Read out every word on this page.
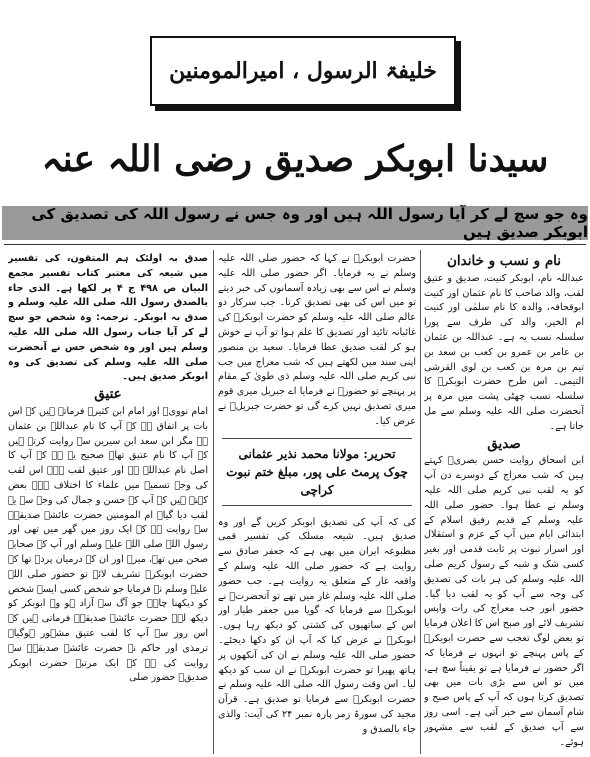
خلیفۃ الرسول ، امیرالمومنین
سیدنا ابوبکر صدیق رضی اللہ عنہ
وہ جو سچ لے کر آیا رسول اللہ ہیں اور وہ جس نے رسول اللہ کی تصدیق کی ابوبکر صدیق ہیں
نام و نسب و خاندان

عبداللہ نام، ابوبکر کنیت، صدیق و عتیق لقب، والد صاحب کا نام عثمان اور کنیت ابوقحافہ، والدہ کا نام سلمٰی اور کنیت ام الخیر، والد کی طرف سے پورا سلسلہ نسب یہ ہے۔ عبداللہ بن عثمان بن عامر بن عمرو بن کعب بن سعد بن تیم بن مرہ بن کعب بن لوی القرشی التیمی۔ اس طرح حضرت ابوبکرؓ کا سلسلہ نسب چھٹی پشت میں مرہ پر آنحضرت صلی اللہ علیہ وسلم سے مل جاتا ہے۔

صدیق

ابن اسحاق روایت حسن بصریؒ کہتے ہیں کہ شب معراج کے دوسرے دن آپ کو یہ لقب نبی کریم صلی اللہ علیہ وسلم نے عطا ہوا۔ حضور صلی اللہ علیہ وسلم کے قدیم رفیق اسلام کے ابتدائی ایام میں آپ کے عزم و استقلال اور اسرار نبوت پر ثابت قدمی اور بغیر کسی شک و شبہ کے رسول کریم صلی اللہ علیہ وسلم کی ہر بات کی تصدیق کی وجہ سے آپ کو یہ لقب دیا گیا۔ حضور انور جب معراج کی رات واپس تشریف لائے اور صبح اس کا اعلان فرمایا تو بعض لوگ تعجب سے حضرت ابوبکرؓ کے پاس پہنچے تو انہوں نے فرمایا کہ اگر حضور نے فرمایا ہے تو یقیناً سچ ہے، میں تو اس سے بڑی بات میں بھی تصدیق کرتا ہوں کہ آپ کے پاس صبح و شام آسمان سے خبر آتی ہے۔ اسی روز سے آپ صدیق کے لقب سے مشہور ہوئے۔

حضرت ابوبکرؓ نے کہا کہ حضور صلی اللہ علیہ وسلم نے یہ فرمایا۔ اگر حضور صلی اللہ علیہ وسلم نے اس سے بھی زیادہ آسمانوں کی خبر دیتے تو میں اس کی بھی تصدیق کرتا۔ جب سرکار دو عالم صلی اللہ علیہ وسلم کو حضرت ابوبکرؓ کی غائبانہ تائید اور تصدیق کا علم ہوا تو آپ نے خوش ہو کر لقب صدیق عطا فرمایا۔ سعید بن منصور اپنی سند میں لکھتے ہیں کہ شب معراج میں جب نبی کریم صلی اللہ علیہ وسلم ذی طویٰ کے مقام پر پہنچے تو حضورؐ نے فرمایا اے جبریل میری قوم میری تصدیق نہیں کرے گی تو حضرت جبریلؑ نے عرض کیا۔

تحریر: مولانا محمد نذیر عثمانی
چوک پرمٹ علی پور، مبلغ ختم نبوت کراچی

کی کہ آپ کی تصدیق ابوبکر کریں گے اور وہ صدیق ہیں۔ شیعہ مسلک کی تفسیر قمی مطبوعہ ایران میں بھی ہے کہ جعفر صادق سے روایت ہے کہ حضور صلی اللہ علیہ وسلم کے واقعہ غار کے متعلق یہ روایت ہے۔ جب حضور صلی اللہ علیہ وسلم غار میں تھے تو آنحضرتؐ نے ابوبکرؓ سے فرمایا کہ گویا میں جعفر طیار اور اس کے ساتھیوں کی کشتی کو دیکھ رہا ہوں۔ ابوبکرؓ نے عرض کیا کہ آپ ان کو دکھا دیجئے۔ حضور صلی اللہ علیہ وسلم نے ان کی آنکھوں پر ہاتھ پھیرا تو حضرت ابوبکرؓ نے ان سب کو دیکھ لیا۔ اس وقت رسول اللہ صلی اللہ علیہ وسلم نے حضرت ابوبکرؓ سے فرمایا تو صدیق ہے۔ قرآن مجید کی سورۃ زمر پارہ نمبر ۲۴ کی آیت: والذی جاء بالصدق و

صدق بہ اولئک ہم المتقون، کی تفسیر میں شیعہ کی معتبر کتاب تفسیر مجمع البیان ص ۴۹۸ ج ۴ پر لکھا ہے۔ الذی جاء بالصدق رسول اللہ صلی اللہ علیہ وسلم و صدق بہ ابوبکر۔ ترجمہ: وہ شخص جو سچ لے کر آیا جناب رسول اللہ صلی اللہ علیہ وسلم ہیں اور وہ شخص جس نے آنحضرت صلی اللہ علیہ وسلم کی تصدیق کی وہ ابوبکر صدیق ہیں۔

عتیق

امام نوویؒ اور امام ابن کثیرؒ فرماتے ہیں کہ اس بات پر اتفاق ہے کہ آپ کا نام عبداللہ بن عثمان ہے مگر ابن سعد ابن سیرین سے روایت کرتے ہیں کہ آپ کا نام عتیق تھا۔ صحیح یہ ہے کہ آپ کا اصل نام عبداللہ ہے اور عتیق لقب ہے۔ اس لقب کی وجہ تسمیہ میں علماء کا اختلاف ہے۔ بعض کہتے ہیں کہ آپ کے حسن و جمال کی وجہ سے یہ لقب دیا گیا۔ ام المومنین حضرت عائشہ صدیقہؓ سے روایت ہے کہ ایک روز میں گھر میں تھی اور رسول اللہ صلی اللہ علیہ وسلم اور آپ کے صحابہ صحن میں تھے، میرے اور ان کے درمیان پردہ تھا کہ حضرت ابوبکرؓ تشریف لائے تو حضور صلی اللہ علیہ وسلم نے فرمایا جو شخص کسی ایسے شخص کو دیکھنا چاہے جو آگ سے آزاد ہو وہ ابوبکر کو دیکھ لے۔ حضرت عائشہ صدیقہؓ فرماتی ہیں کہ اس روز سے آپ کا لقب عتیق مشہور ہوگیا۔ ترمذی اور حاکم نے حضرت عائشہ صدیقہؓ سے روایت کی ہے کہ ایک مرتبہ حضرت ابوبکر صدیقؓ حضور صلی
